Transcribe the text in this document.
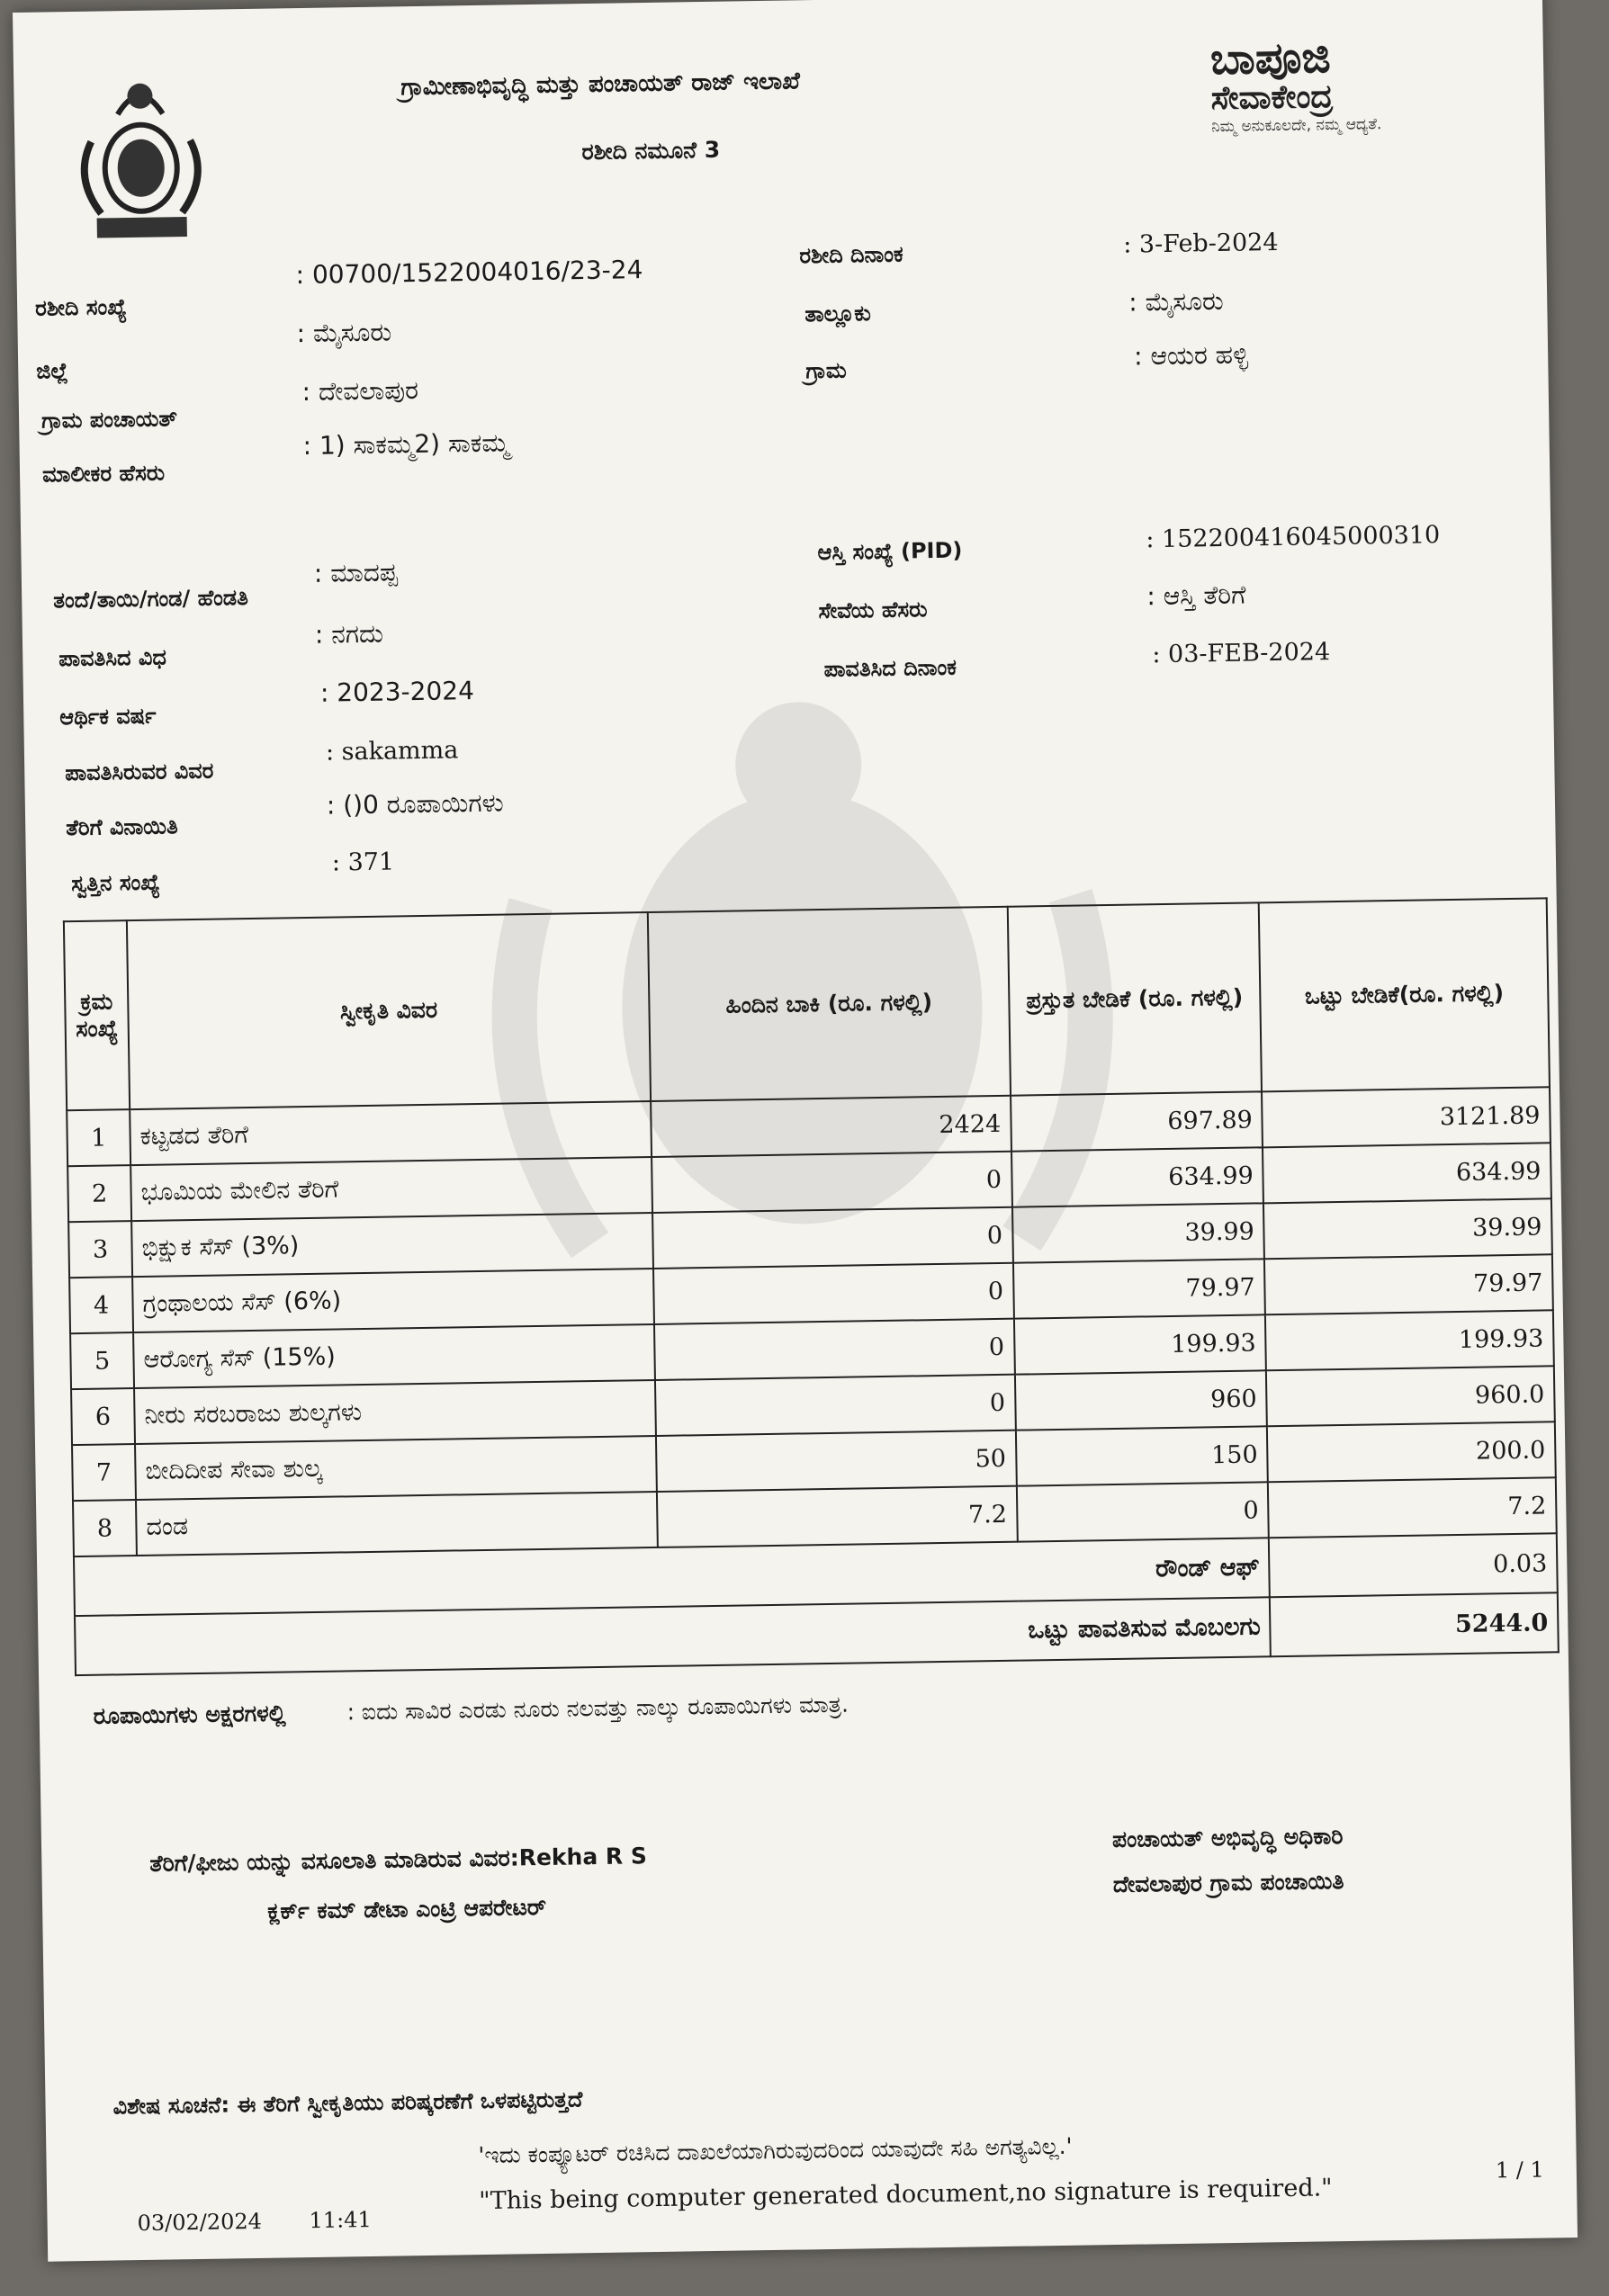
ಗ್ರಾಮೀಣಾಭಿವೃದ್ಧಿ ಮತ್ತು ಪಂಚಾಯತ್ ರಾಜ್ ಇಲಾಖೆ
ರಶೀದಿ ನಮೂನೆ 3
ಬಾಪೂಜಿ
ಸೇವಾಕೇಂದ್ರ
ನಿಮ್ಮ ಅನುಕೂಲದೇ, ನಮ್ಮ ಆದ್ಯತೆ.
ರಶೀದಿ ಸಂಖ್ಯೆ
: 00700/1522004016/23-24
ಜಿಲ್ಲೆ
: ಮೈಸೂರು
ಗ್ರಾಮ ಪಂಚಾಯತ್
: ದೇವಲಾಪುರ
ಮಾಲೀಕರ ಹೆಸರು
: 1) ಸಾಕಮ್ಮ2) ಸಾಕಮ್ಮ
ತಂದೆ/ತಾಯಿ/ಗಂಡ/ ಹೆಂಡತಿ
: ಮಾದಪ್ಪ
ಪಾವತಿಸಿದ ವಿಧ
: ನಗದು
ಆರ್ಥಿಕ ವರ್ಷ
: 2023-2024
ಪಾವತಿಸಿರುವರ ವಿವರ
: sakamma
ತೆರಿಗೆ ವಿನಾಯಿತಿ
: ()0 ರೂಪಾಯಿಗಳು
ಸ್ವತ್ತಿನ ಸಂಖ್ಯೆ
: 371
ರಶೀದಿ ದಿನಾಂಕ	: 3-Feb-2024
ತಾಲ್ಲೂಕು	: ಮೈಸೂರು
ಗ್ರಾಮ	: ಆಯರ ಹಳ್ಳಿ
ಆಸ್ತಿ ಸಂಖ್ಯೆ (PID)	: 152200416045000310
ಸೇವೆಯ ಹೆಸರು	: ಆಸ್ತಿ ತೆರಿಗೆ
ಪಾವತಿಸಿದ ದಿನಾಂಕ	: 03-FEB-2024
ಕ್ರಮ ಸಂಖ್ಯೆ	ಸ್ವೀಕೃತಿ ವಿವರ	ಹಿಂದಿನ ಬಾಕಿ (ರೂ. ಗಳಲ್ಲಿ)	ಪ್ರಸ್ತುತ ಬೇಡಿಕೆ (ರೂ. ಗಳಲ್ಲಿ)	ಒಟ್ಟು ಬೇಡಿಕೆ(ರೂ. ಗಳಲ್ಲಿ)
1	ಕಟ್ಟಡದ ತೆರಿಗೆ	2424	697.89	3121.89
2	ಭೂಮಿಯ ಮೇಲಿನ ತೆರಿಗೆ	0	634.99	634.99
3	ಭಿಕ್ಷುಕ ಸೆಸ್ (3%)	0	39.99	39.99
4	ಗ್ರಂಥಾಲಯ ಸೆಸ್ (6%)	0	79.97	79.97
5	ಆರೋಗ್ಯ ಸೆಸ್ (15%)	0	199.93	199.93
6	ನೀರು ಸರಬರಾಜು ಶುಲ್ಕಗಳು	0	960	960.0
7	ಬೀದಿದೀಪ ಸೇವಾ ಶುಲ್ಕ	50	150	200.0
8	ದಂಡ	7.2	0	7.2
ರೌಂಡ್ ಆಫ್				0.03
ಒಟ್ಟು ಪಾವತಿಸುವ ಮೊಬಲಗು				5244.0
ರೂಪಾಯಿಗಳು ಅಕ್ಷರಗಳಲ್ಲಿ	: ಐದು ಸಾವಿರ ಎರಡು ನೂರು ನಲವತ್ತು ನಾಲ್ಕು ರೂಪಾಯಿಗಳು ಮಾತ್ರ.
ತೆರಿಗೆ/ಫೀಜು ಯನ್ನು ವಸೂಲಾತಿ ಮಾಡಿರುವ ವಿವರ:Rekha R S
ಕ್ಲರ್ಕ್ ಕಮ್ ಡೇಟಾ ಎಂಟ್ರಿ ಆಪರೇಟರ್
ಪಂಚಾಯತ್ ಅಭಿವೃದ್ಧಿ ಅಧಿಕಾರಿ
ದೇವಲಾಪುರ ಗ್ರಾಮ ಪಂಚಾಯಿತಿ
ವಿಶೇಷ ಸೂಚನೆ: ಈ ತೆರಿಗೆ ಸ್ವೀಕೃತಿಯು ಪರಿಷ್ಕರಣೆಗೆ ಒಳಪಟ್ಟಿರುತ್ತದೆ
'ಇದು ಕಂಪ್ಯೂಟರ್ ರಚಿಸಿದ ದಾಖಲೆಯಾಗಿರುವುದರಿಂದ ಯಾವುದೇ ಸಹಿ ಅಗತ್ಯವಿಲ್ಲ.'
"This being computer generated document,no signature is required."
03/02/2024 11:41
1 / 1
